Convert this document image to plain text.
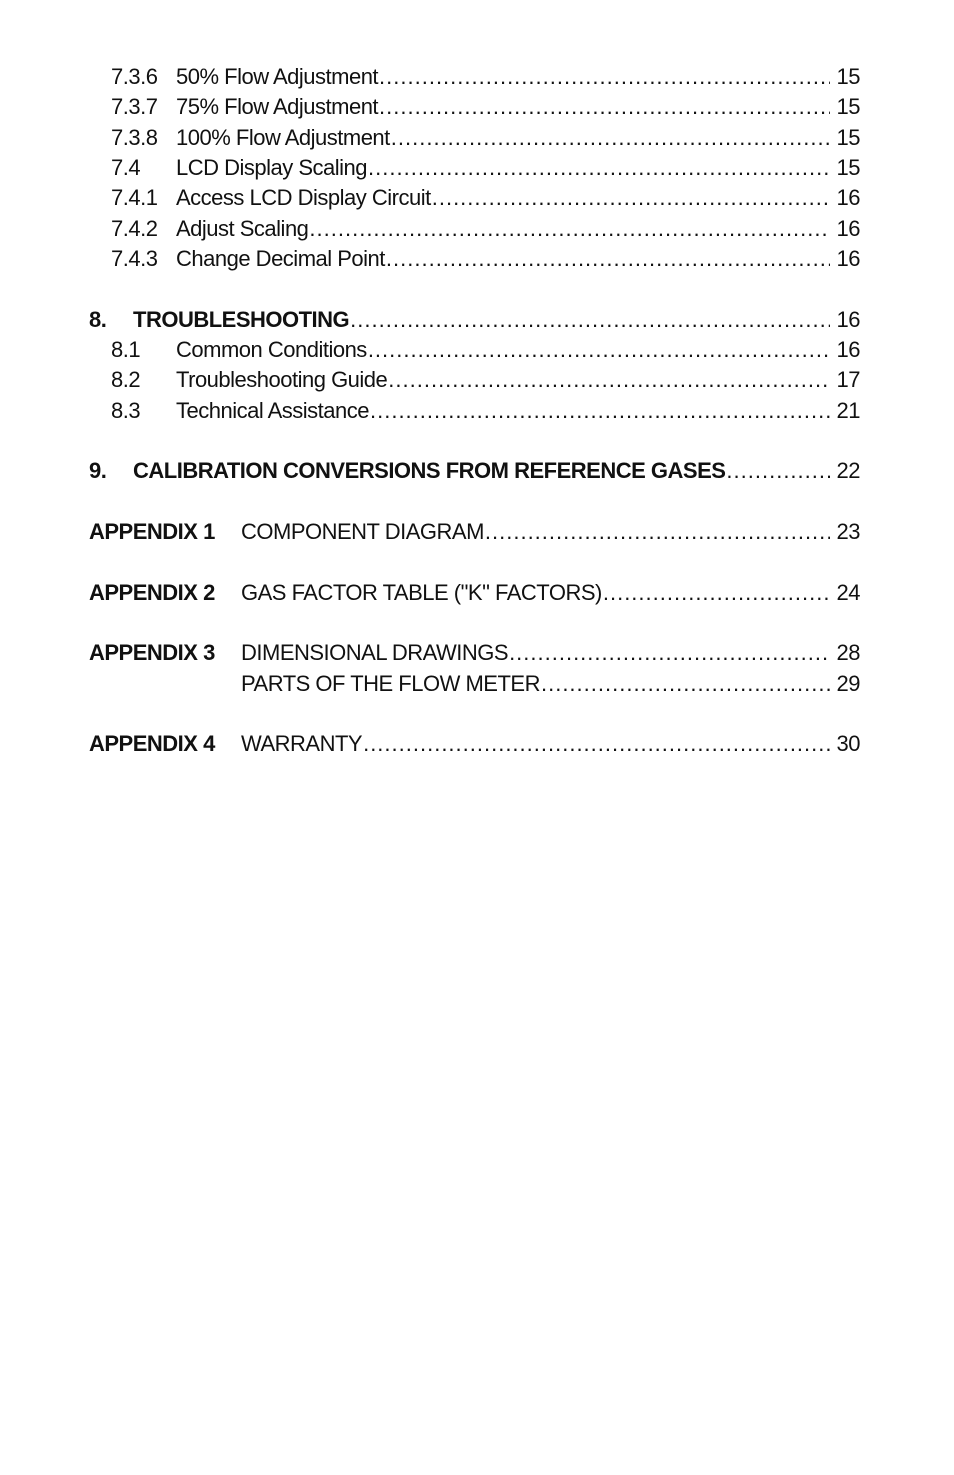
7.3.6 50% Flow Adjustment .....	15
7.3.7 75% Flow Adjustment .....	15
7.3.8 100% Flow Adjustment .....	15
7.4	LCD Display Scaling .....	15
7.4.1 Access LCD Display Circuit .....	16
7.4.2 Adjust Scaling .....	16
7.4.3 Change Decimal Point .....	16
8.	TROUBLESHOOTING .....	16
8.1	Common Conditions .....	16
8.2	Troubleshooting Guide .....	17
8.3	Technical Assistance .....	21
9.	CALIBRATION CONVERSIONS FROM REFERENCE GASES .....	22
APPENDIX 1	COMPONENT DIAGRAM .....	23
APPENDIX 2	GAS FACTOR TABLE ("K" FACTORS) .....	24
APPENDIX 3	DIMENSIONAL DRAWINGS .....	28
PARTS OF THE FLOW METER .....	29
APPENDIX 4	WARRANTY .....	30
